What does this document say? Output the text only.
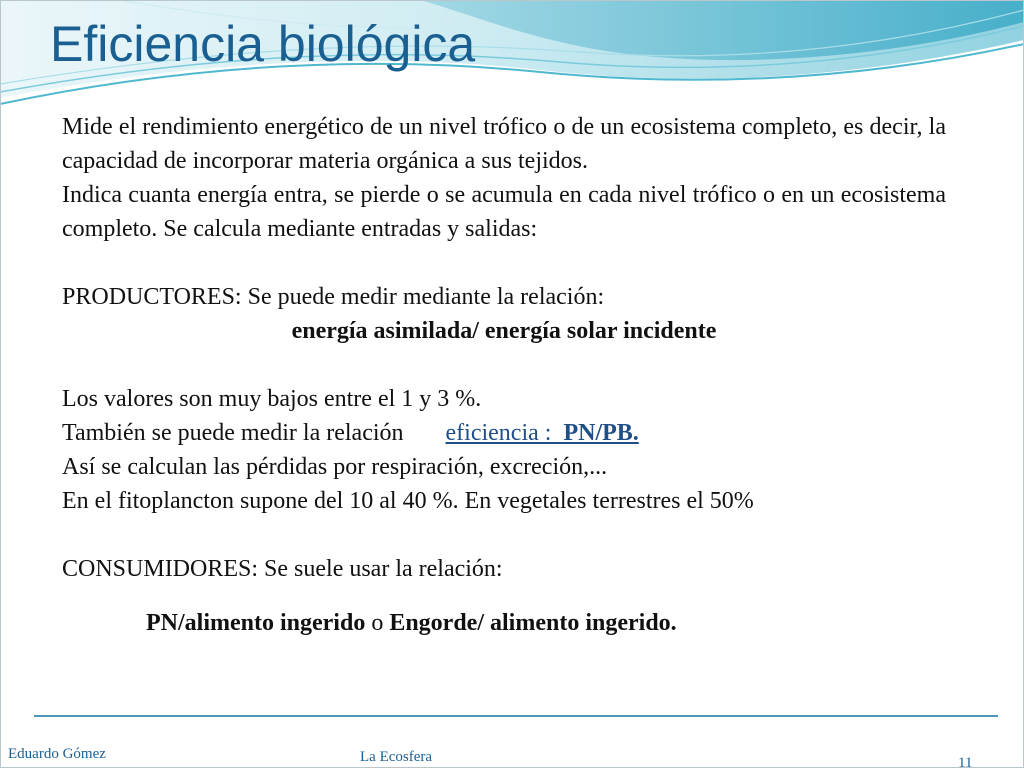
Eficiencia biológica

Mide el rendimiento energético de un nivel trófico o de un ecosistema completo, es decir, la capacidad de incorporar materia orgánica a sus tejidos.

Indica cuanta energía entra, se pierde o se acumula en cada nivel trófico o en un ecosistema completo. Se calcula mediante entradas y salidas:

PRODUCTORES: Se puede medir mediante la relación:

energía asimilada/ energía solar incidente

Los valores son muy bajos entre el 1 y 3 %.

También se puede medir la relación eficiencia : PN/PB.

Así se calculan las pérdidas por respiración, excreción,...

En el fitoplancton supone del 10 al 40 %. En vegetales terrestres el 50%

CONSUMIDORES: Se suele usar la relación:

PN/alimento ingerido o Engorde/ alimento ingerido.

Eduardo Gómez	La Ecosfera	11
